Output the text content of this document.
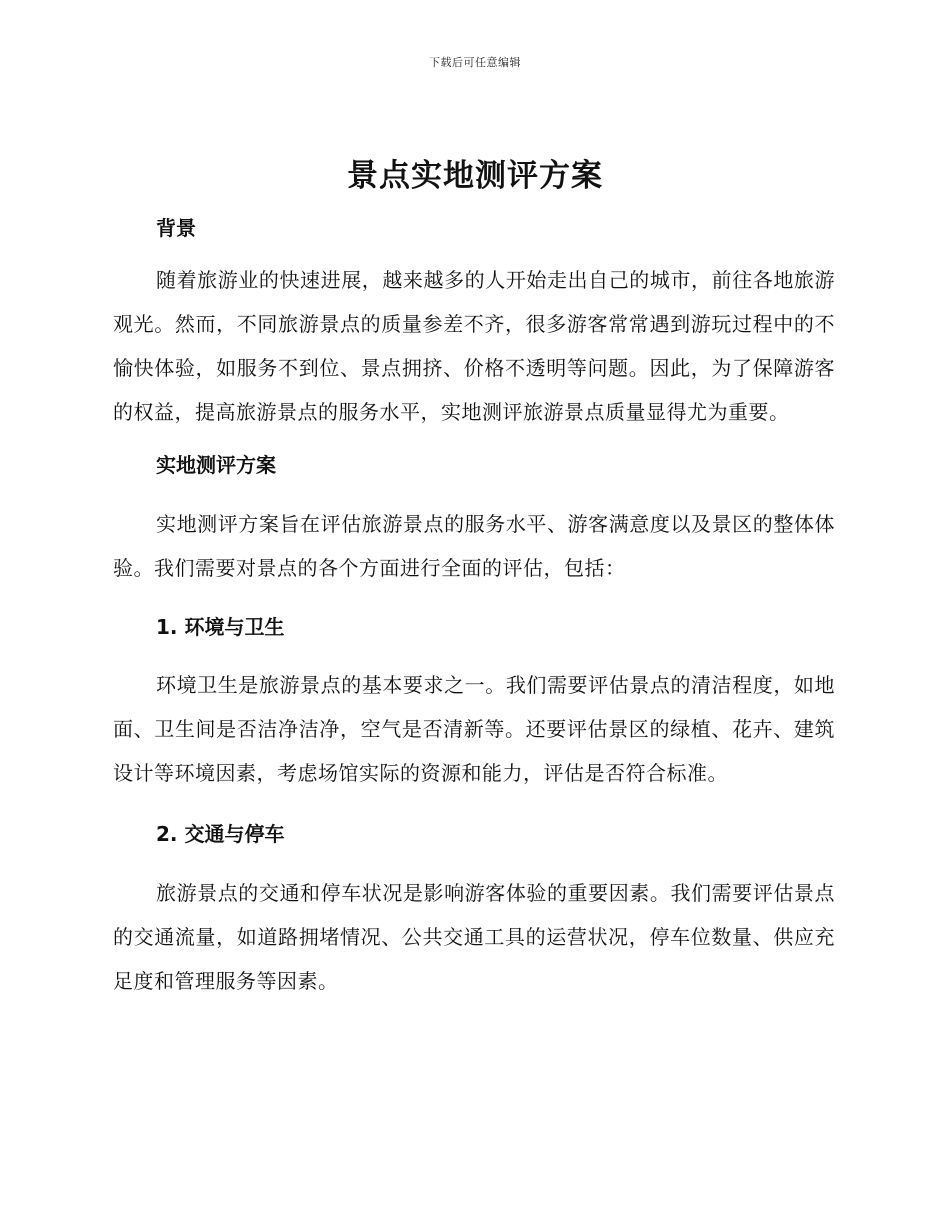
下载后可任意编辑
景点实地测评方案
背景

随着旅游业的快速进展，越来越多的人开始走出自己的城市，前往各地旅游观光。然而，不同旅游景点的质量参差不齐，很多游客常常遇到游玩过程中的不愉快体验，如服务不到位、景点拥挤、价格不透明等问题。因此，为了保障游客的权益，提高旅游景点的服务水平，实地测评旅游景点质量显得尤为重要。

实地测评方案

实地测评方案旨在评估旅游景点的服务水平、游客满意度以及景区的整体体验。我们需要对景点的各个方面进行全面的评估，包括：

1. 环境与卫生

环境卫生是旅游景点的基本要求之一。我们需要评估景点的清洁程度，如地面、卫生间是否洁净洁净，空气是否清新等。还要评估景区的绿植、花卉、建筑设计等环境因素，考虑场馆实际的资源和能力，评估是否符合标准。

2. 交通与停车

旅游景点的交通和停车状况是影响游客体验的重要因素。我们需要评估景点的交通流量，如道路拥堵情况、公共交通工具的运营状况，停车位数量、供应充足度和管理服务等因素。
